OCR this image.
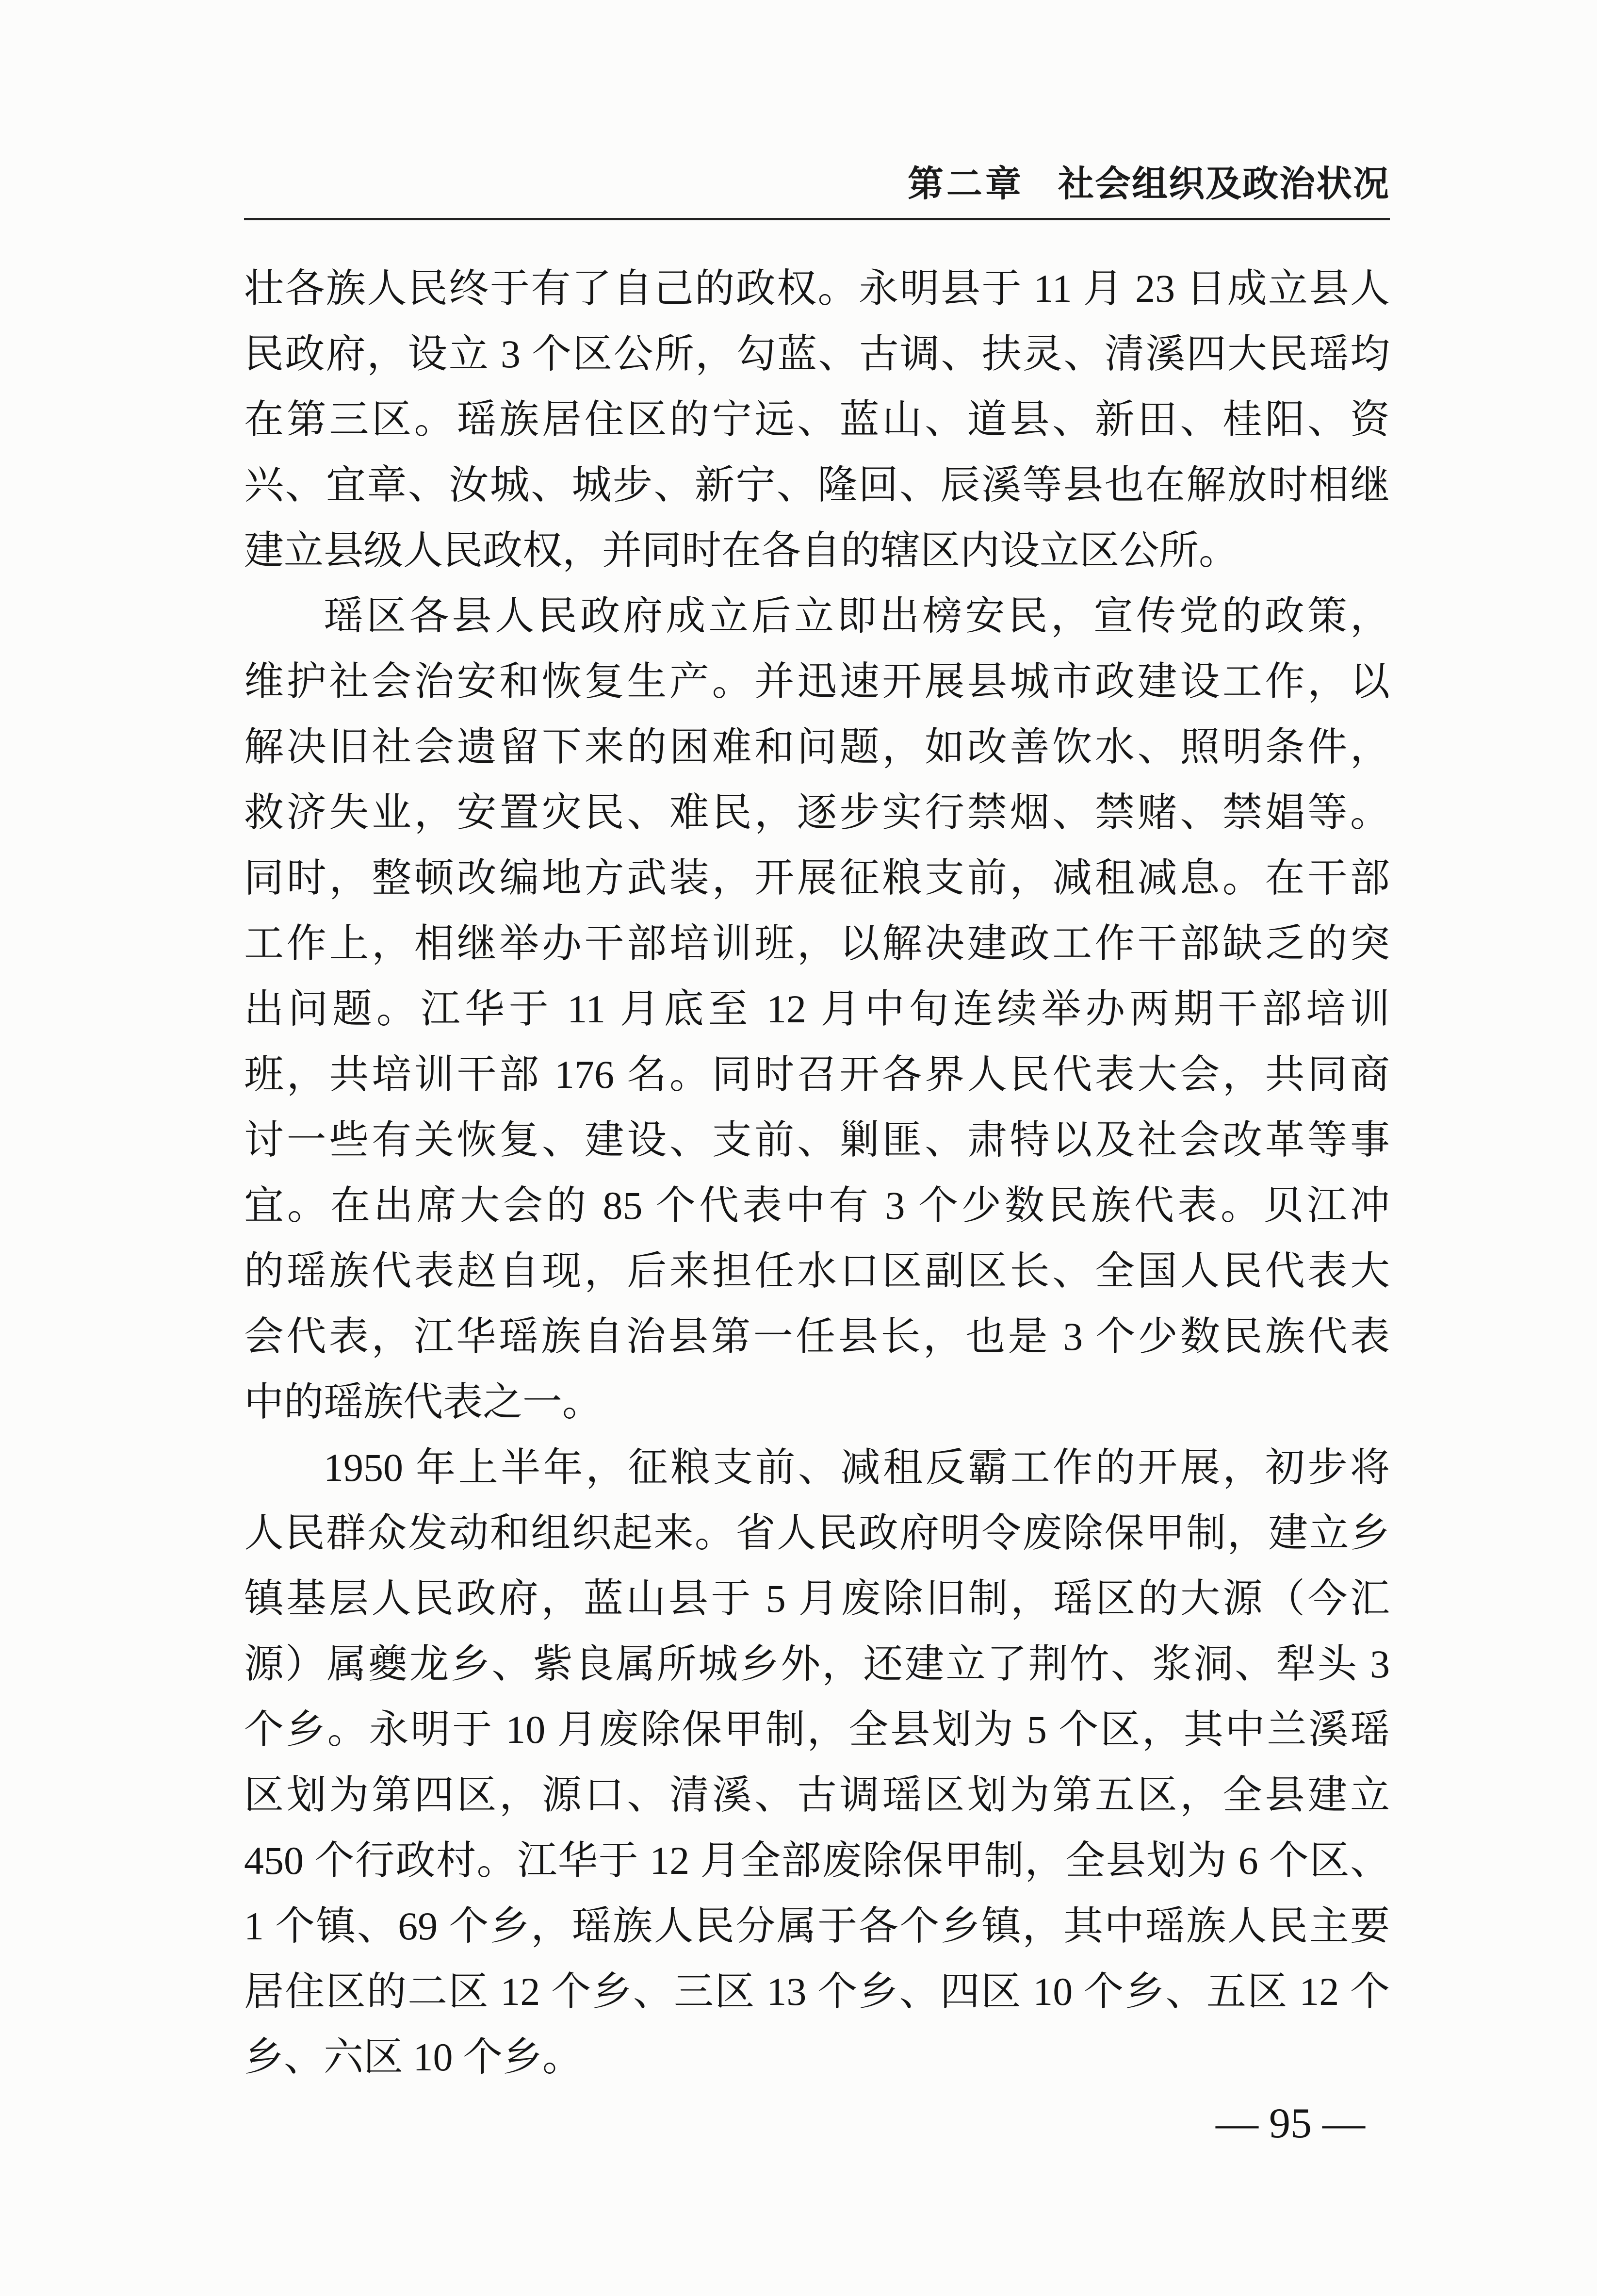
第二章 社会组织及政治状况
壮各族人民终于有了自己的政权。永明县于 11 月 23 日成立县人
民政府，设立 3 个区公所，勾蓝、古调、扶灵、清溪四大民瑶均
在第三区。瑶族居住区的宁远、蓝山、道县、新田、桂阳、资
兴、宜章、汝城、城步、新宁、隆回、辰溪等县也在解放时相继
建立县级人民政权，并同时在各自的辖区内设立区公所。
瑶区各县人民政府成立后立即出榜安民，宣传党的政策，
维护社会治安和恢复生产。并迅速开展县城市政建设工作，以
解决旧社会遗留下来的困难和问题，如改善饮水、照明条件，
救济失业，安置灾民、难民，逐步实行禁烟、禁赌、禁娼等。
同时，整顿改编地方武装，开展征粮支前，减租减息。在干部
工作上，相继举办干部培训班，以解决建政工作干部缺乏的突
出问题。江华于 11 月底至 12 月中旬连续举办两期干部培训
班，共培训干部 176 名。同时召开各界人民代表大会，共同商
讨一些有关恢复、建设、支前、剿匪、肃特以及社会改革等事
宜。在出席大会的 85 个代表中有 3 个少数民族代表。贝江冲
的瑶族代表赵自现，后来担任水口区副区长、全国人民代表大
会代表，江华瑶族自治县第一任县长，也是 3 个少数民族代表
中的瑶族代表之一。
1950 年上半年，征粮支前、减租反霸工作的开展，初步将
人民群众发动和组织起来。省人民政府明令废除保甲制，建立乡
镇基层人民政府，蓝山县于 5 月废除旧制，瑶区的大源（今汇
源）属夔龙乡、紫良属所城乡外，还建立了荆竹、浆洞、犁头 3
个乡。永明于 10 月废除保甲制，全县划为 5 个区，其中兰溪瑶
区划为第四区，源口、清溪、古调瑶区划为第五区，全县建立
450 个行政村。江华于 12 月全部废除保甲制，全县划为 6 个区、
1 个镇、69 个乡，瑶族人民分属于各个乡镇，其中瑶族人民主要
居住区的二区 12 个乡、三区 13 个乡、四区 10 个乡、五区 12 个
乡、六区 10 个乡。
— 95 —
